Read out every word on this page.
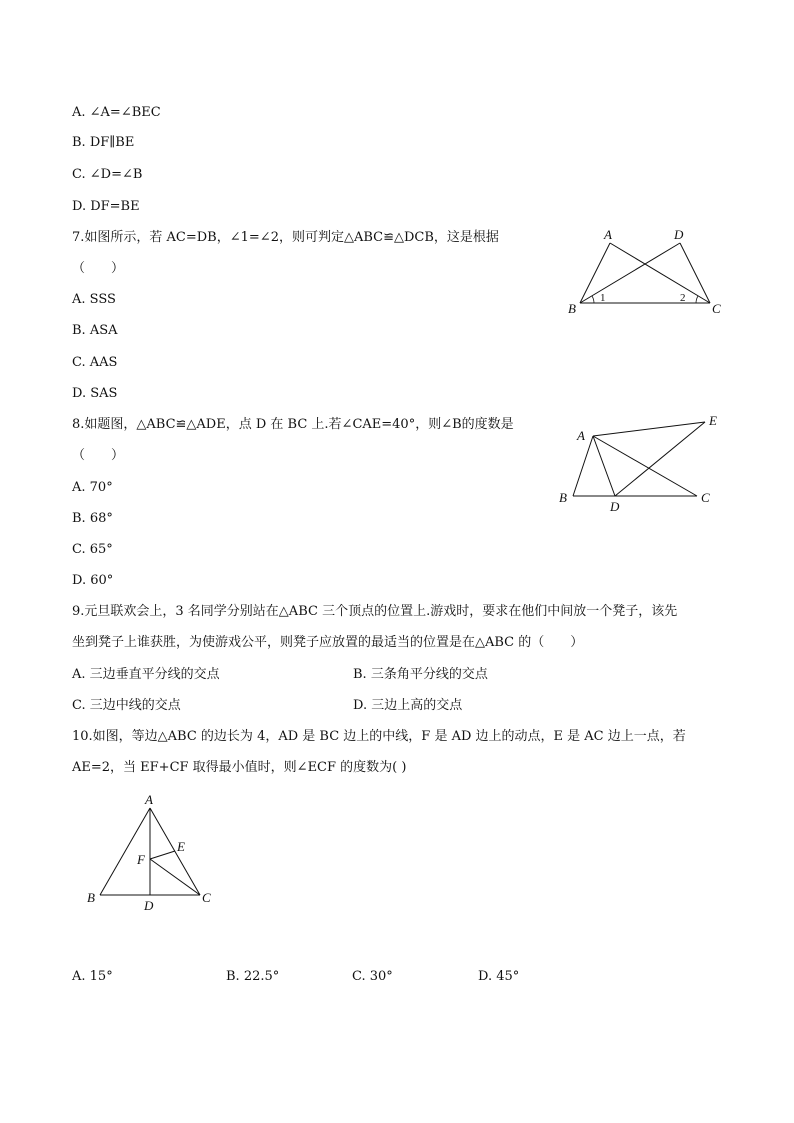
A. ∠A=∠BEC
B. DF∥BE
C. ∠D=∠B
D. DF=BE
7.如图所示，若 AC=DB，∠1=∠2，则可判定△ABC≌△DCB，这是根据
（　　）
A. SSS
B. ASA
C. AAS
D. SAS
A	D
B	C
1	2
8.如题图，△ABC≌△ADE，点 D 在 BC 上.若∠CAE=40°，则∠B的度数是
（　　）
A. 70°
B. 68°
C. 65°
D. 60°
A
E
B
D
C
9.元旦联欢会上，3 名同学分别站在△ABC 三个顶点的位置上.游戏时，要求在他们中间放一个凳子，该先
坐到凳子上谁获胜，为使游戏公平，则凳子应放置的最适当的位置是在△ABC 的（　　）
A. 三边垂直平分线的交点	B. 三条角平分线的交点
C. 三边中线的交点	D. 三边上高的交点
10.如图，等边△ABC 的边长为 4，AD 是 BC 边上的中线，F 是 AD 边上的动点，E 是 AC 边上一点，若
AE=2，当 EF+CF 取得最小值时，则∠ECF 的度数为( )
A
E
F
B
D
C
A. 15°	B. 22.5°	C. 30°	D. 45°
